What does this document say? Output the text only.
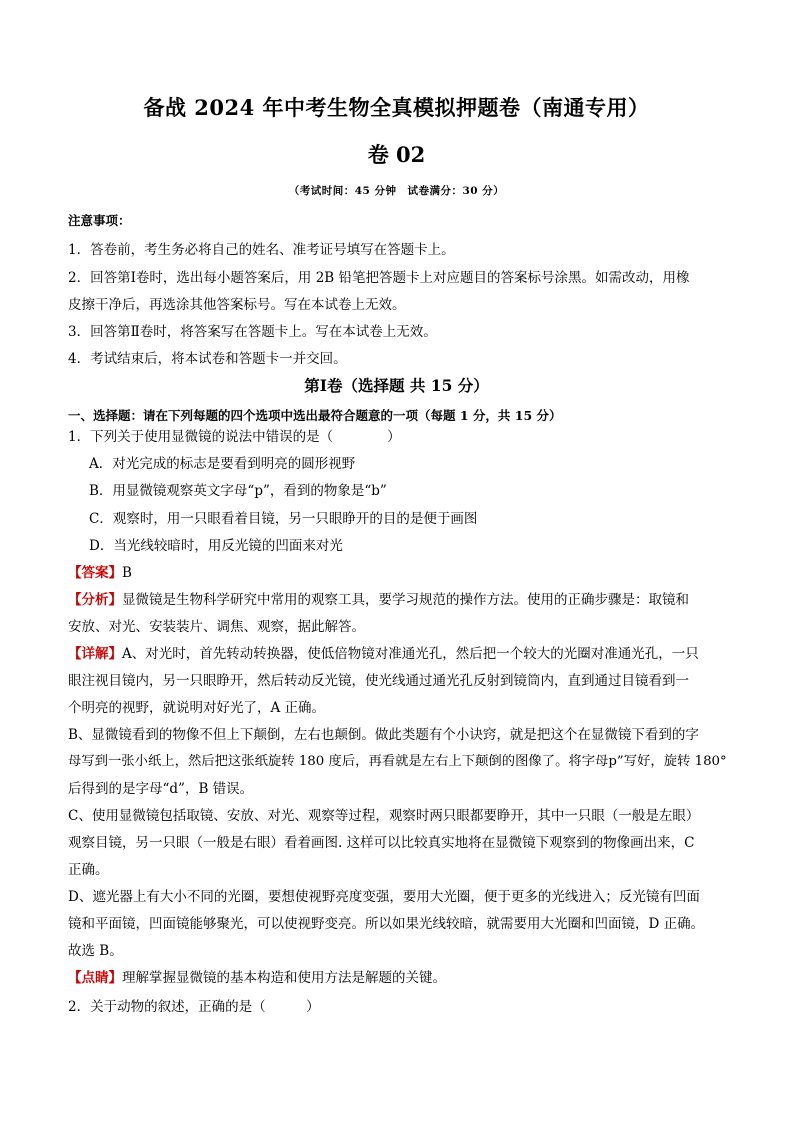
备战 2024 年中考生物全真模拟押题卷（南通专用）
卷 02
（考试时间：45 分钟　试卷满分：30 分）
注意事项：
1．答卷前，考生务必将自己的姓名、准考证号填写在答题卡上。
2．回答第Ⅰ卷时，选出每小题答案后，用 2B 铅笔把答题卡上对应题目的答案标号涂黑。如需改动，用橡
皮擦干净后，再选涂其他答案标号。写在本试卷上无效。
3．回答第Ⅱ卷时，将答案写在答题卡上。写在本试卷上无效。
4．考试结束后，将本试卷和答题卡一并交回。
第Ⅰ卷（选择题 共 15 分）
一、选择题：请在下列每题的四个选项中选出最符合题意的一项（每题 1 分，共 15 分）
1．下列关于使用显微镜的说法中错误的是（　　　　）
A．对光完成的标志是要看到明亮的圆形视野
B．用显微镜观察英文字母“p”，看到的物象是“b”
C．观察时，用一只眼看着目镜，另一只眼睁开的目的是便于画图
D．当光线较暗时，用反光镜的凹面来对光
【答案】B
【分析】显微镜是生物科学研究中常用的观察工具，要学习规范的操作方法。使用的正确步骤是：取镜和
安放、对光、安装装片、调焦、观察，据此解答。
【详解】A、对光时，首先转动转换器，使低倍物镜对准通光孔，然后把一个较大的光圈对准通光孔，一只
眼注视目镜内，另一只眼睁开，然后转动反光镜，使光线通过通光孔反射到镜筒内，直到通过目镜看到一
个明亮的视野，就说明对好光了，A 正确。
B、显微镜看到的物像不但上下颠倒，左右也颠倒。做此类题有个小诀窍，就是把这个在显微镜下看到的字
母写到一张小纸上，然后把这张纸旋转 180 度后，再看就是左右上下颠倒的图像了。将字母p”写好，旋转 180°
后得到的是字母“d”，B 错误。
C、使用显微镜包括取镜、安放、对光、观察等过程，观察时两只眼都要睁开，其中一只眼（一般是左眼）
观察目镜，另一只眼（一般是右眼）看着画图. 这样可以比较真实地将在显微镜下观察到的物像画出来，C
正确。
D、遮光器上有大小不同的光圈，要想使视野亮度变强，要用大光圈，便于更多的光线进入；反光镜有凹面
镜和平面镜，凹面镜能够聚光，可以使视野变亮。所以如果光线较暗，就需要用大光圈和凹面镜，D 正确。
故选 B。
【点睛】理解掌握显微镜的基本构造和使用方法是解题的关键。
2．关于动物的叙述，正确的是（　　　）
